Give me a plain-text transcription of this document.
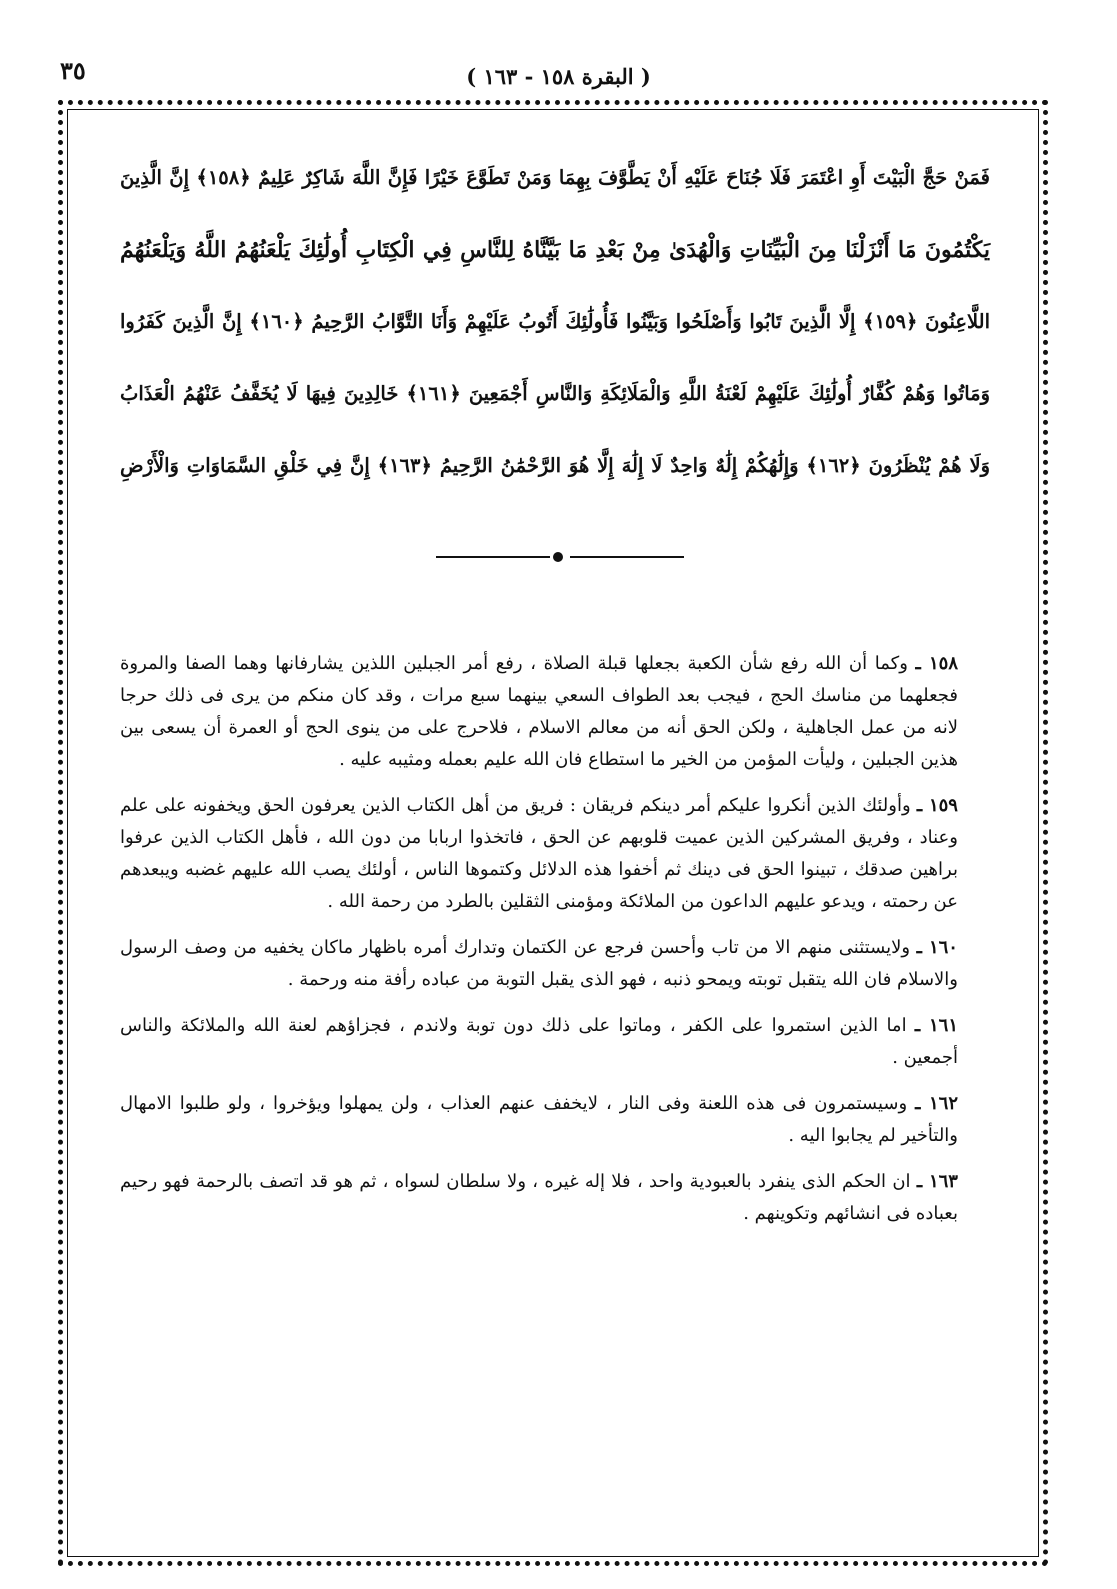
٣٥	( البقرة ١٥٨ - ١٦٣ )
فَمَنْ حَجَّ الْبَيْتَ أَوِ اعْتَمَرَ فَلَا جُنَاحَ عَلَيْهِ أَنْ يَطَّوَّفَ بِهِمَا وَمَنْ تَطَوَّعَ خَيْرًا فَإِنَّ اللَّهَ شَاكِرٌ عَلِيمٌ ﴿١٥٨﴾ إِنَّ الَّذِينَ
يَكْتُمُونَ مَا أَنْزَلْنَا مِنَ الْبَيِّنَاتِ وَالْهُدَىٰ مِنْ بَعْدِ مَا بَيَّنَّاهُ لِلنَّاسِ فِي الْكِتَابِ أُولَٰئِكَ يَلْعَنُهُمُ اللَّهُ وَيَلْعَنُهُمُ
اللَّاعِنُونَ ﴿١٥٩﴾ إِلَّا الَّذِينَ تَابُوا وَأَصْلَحُوا وَبَيَّنُوا فَأُولَٰئِكَ أَتُوبُ عَلَيْهِمْ وَأَنَا التَّوَّابُ الرَّحِيمُ ﴿١٦٠﴾ إِنَّ الَّذِينَ كَفَرُوا
وَمَاتُوا وَهُمْ كُفَّارٌ أُولَٰئِكَ عَلَيْهِمْ لَعْنَةُ اللَّهِ وَالْمَلَائِكَةِ وَالنَّاسِ أَجْمَعِينَ ﴿١٦١﴾ خَالِدِينَ فِيهَا لَا يُخَفَّفُ عَنْهُمُ الْعَذَابُ
وَلَا هُمْ يُنْظَرُونَ ﴿١٦٢﴾ وَإِلَٰهُكُمْ إِلَٰهٌ وَاحِدٌ لَا إِلَٰهَ إِلَّا هُوَ الرَّحْمَٰنُ الرَّحِيمُ ﴿١٦٣﴾ إِنَّ فِي خَلْقِ السَّمَاوَاتِ وَالْأَرْضِ

١٥٨ ـ وكما أن الله رفع شأن الكعبة بجعلها قبلة الصلاة ، رفع أمر الجبلين اللذين يشارفانها وهما الصفا والمروة فجعلهما من مناسك الحج ، فيجب بعد الطواف السعي بينهما سبع مرات ، وقد كان منكم من يرى فى ذلك حرجا لانه من عمل الجاهلية ، ولكن الحق أنه من معالم الاسلام ، فلاحرج على من ينوى الحج أو العمرة أن يسعى بين هذين الجبلين ، وليأت المؤمن من الخير ما استطاع فان الله عليم بعمله ومثيبه عليه .

١٥٩ ـ وأولئك الذين أنكروا عليكم أمر دينكم فريقان : فريق من أهل الكتاب الذين يعرفون الحق ويخفونه على علم وعناد ، وفريق المشركين الذين عميت قلوبهم عن الحق ، فاتخذوا اربابا من دون الله ، فأهل الكتاب الذين عرفوا براهين صدقك ، تبينوا الحق فى دينك ثم أخفوا هذه الدلائل وكتموها الناس ، أولئك يصب الله عليهم غضبه ويبعدهم عن رحمته ، ويدعو عليهم الداعون من الملائكة ومؤمنى الثقلين بالطرد من رحمة الله .

١٦٠ ـ ولايستثنى منهم الا من تاب وأحسن فرجع عن الكتمان وتدارك أمره باظهار ماكان يخفيه من وصف الرسول والاسلام فان الله يتقبل توبته ويمحو ذنبه ، فهو الذى يقبل التوبة من عباده رأفة منه ورحمة .

١٦١ ـ اما الذين استمروا على الكفر ، وماتوا على ذلك دون توبة ولاندم ، فجزاؤهم لعنة الله والملائكة والناس أجمعين .

١٦٢ ـ وسيستمرون فى هذه اللعنة وفى النار ، لايخفف عنهم العذاب ، ولن يمهلوا ويؤخروا ، ولو طلبوا الامهال والتأخير لم يجابوا اليه .

١٦٣ ـ ان الحكم الذى ينفرد بالعبودية واحد ، فلا إله غيره ، ولا سلطان لسواه ، ثم هو قد اتصف بالرحمة فهو رحيم بعباده فى انشائهم وتكوينهم .
